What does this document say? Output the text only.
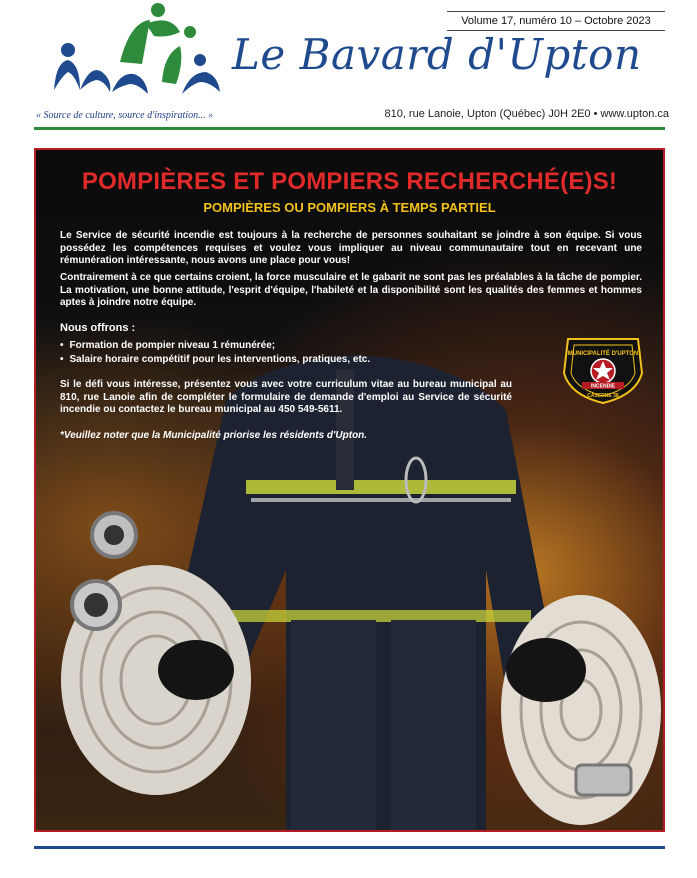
Volume 17, numéro 10 – Octobre 2023
Le Bavard d'Upton
« Source de culture, source d'inspiration... »	810, rue Lanoie, Upton (Québec) J0H 2E0 • www.upton.ca
POMPIÈRES ET POMPIERS RECHERCHÉ(E)S!
POMPIÈRES OU POMPIERS À TEMPS PARTIEL
Le Service de sécurité incendie est toujours à la recherche de personnes souhaitant se joindre à son équipe. Si vous possédez les compétences requises et voulez vous impliquer au niveau communautaire tout en recevant une rémunération intéressante, nous avons une place pour vous!
Contrairement à ce que certains croient, la force musculaire et le gabarit ne sont pas les préalables à la tâche de pompier. La motivation, une bonne attitude, l'esprit d'équipe, l'habileté et la disponibilité sont les qualités des femmes et hommes aptes à joindre notre équipe.
Nous offrons :
• Formation de pompier niveau 1 rémunérée;
• Salaire horaire compétitif pour les interventions, pratiques, etc.
Si le défi vous intéresse, présentez vous avec votre curriculum vitae au bureau municipal au 810, rue Lanoie afin de compléter le formulaire de demande d'emploi au Service de sécurité incendie ou contactez le bureau municipal au 450 549-5611.
*Veuillez noter que la Municipalité priorise les résidents d'Upton.
MUNICIPALITÉ D'UPTON
INCENDIE
CASERNE 38
